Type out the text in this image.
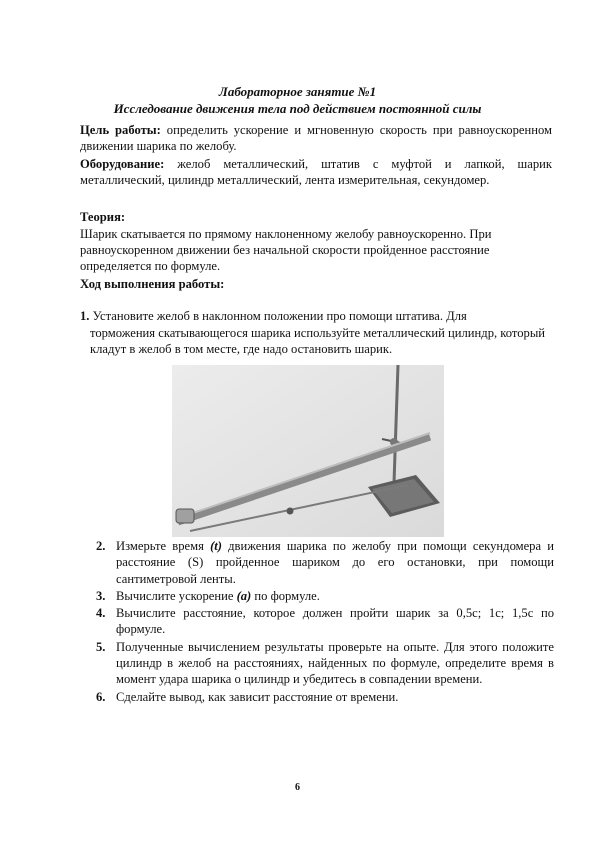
Лабораторное занятие №1
Исследование движения тела под действием постоянной силы
Цель работы: определить ускорение и мгновенную скорость при равноускоренном движении шарика по желобу.
Оборудование: желоб металлический, штатив с муфтой и лапкой, шарик металлический, цилиндр металлический, лента измерительная, секундомер.
Теория:
Шарик скатывается по прямому наклоненному желобу равноускоренно. При равноускоренном движении без начальной скорости пройденное расстояние определяется по формуле.
Ход выполнения работы:
1. Установите желоб в наклонном положении про помощи штатива. Для
торможения скатывающегося шарика используйте металлический цилиндр, который кладут в желоб в том месте, где надо остановить шарик.
2. Измерьте время (t) движения шарика по желобу при помощи секундомера и расстояние (S) пройденное шариком до его остановки, при помощи сантиметровой ленты.
3. Вычислите ускорение (a) по формуле.
4. Вычислите расстояние, которое должен пройти шарик за 0,5с; 1с; 1,5с по формуле.
5. Полученные вычислением результаты проверьте на опыте. Для этого положите цилиндр в желоб на расстояниях, найденных по формуле, определите время в момент удара шарика о цилиндр и убедитесь в совпадении времени.
6. Сделайте вывод, как зависит расстояние от времени.
6
